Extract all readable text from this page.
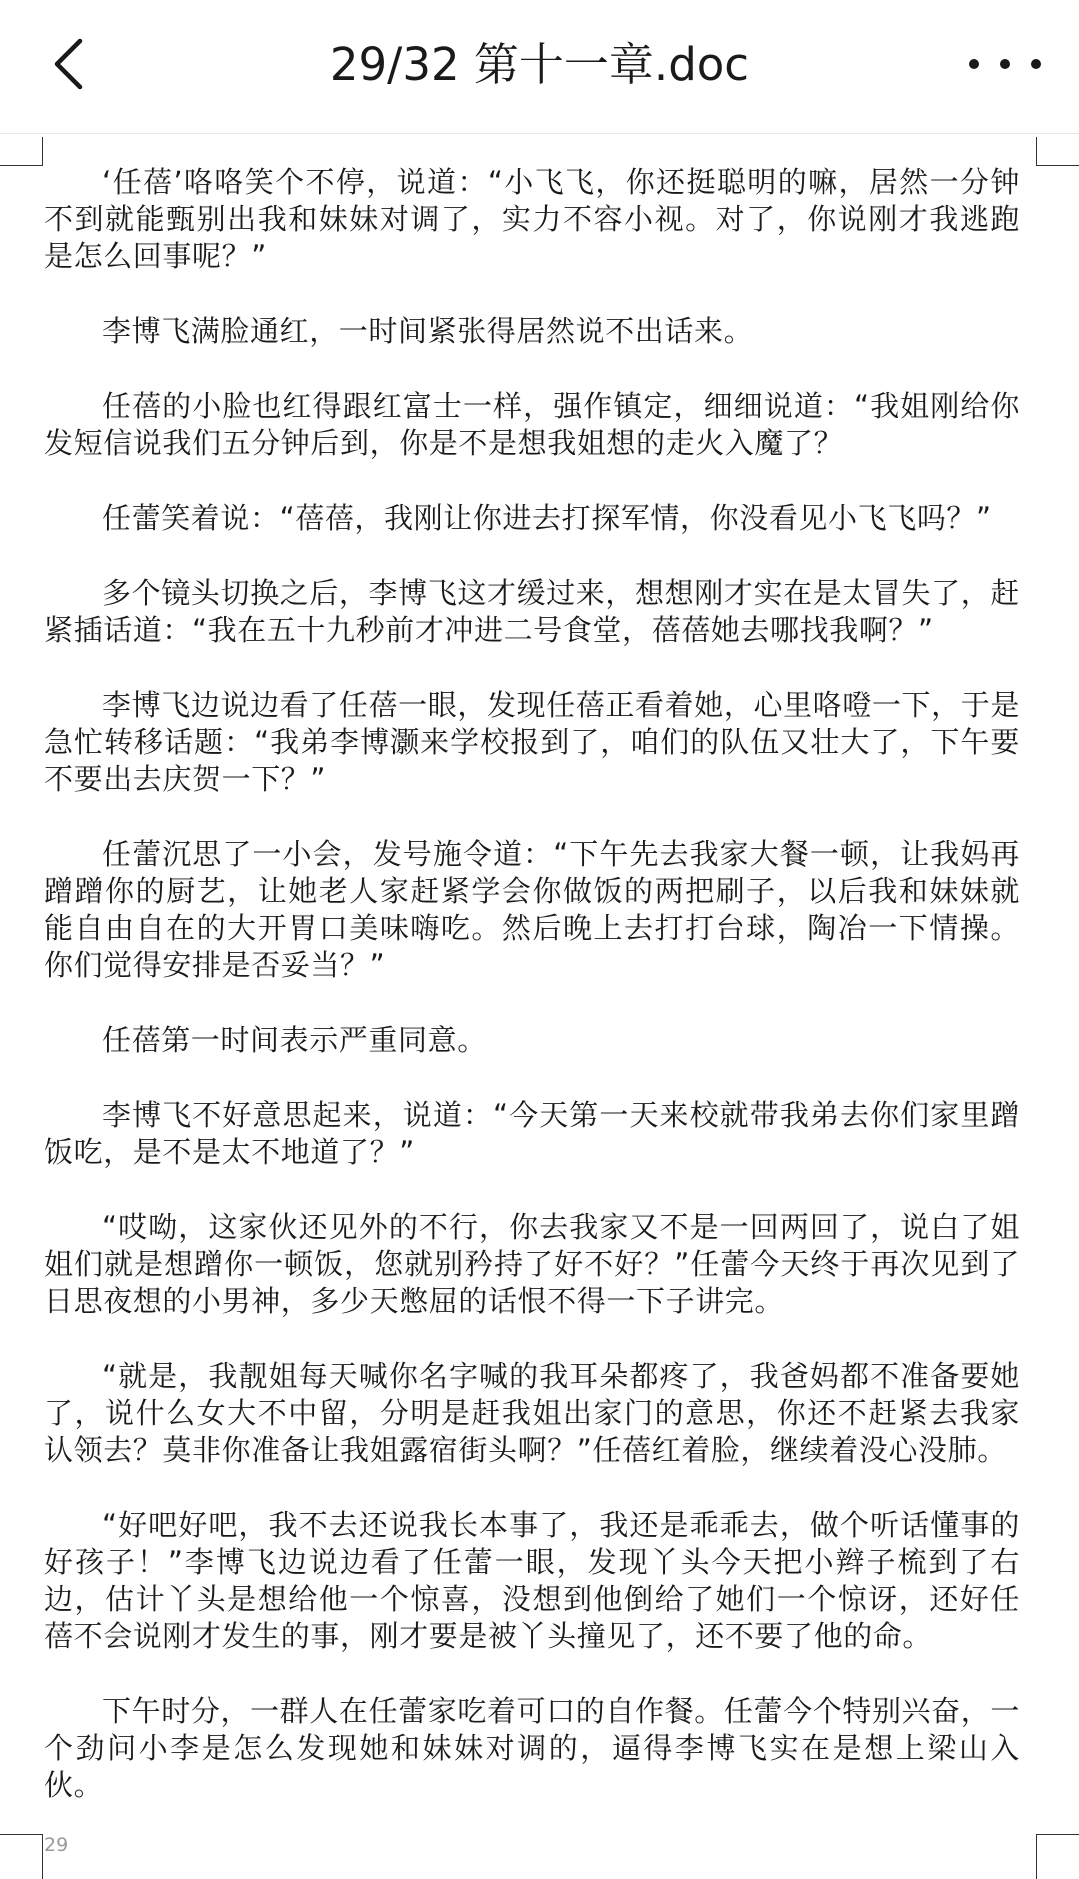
29/32 第十一章.doc

‘任蓓’咯咯笑个不停，说道：“小飞飞，你还挺聪明的嘛，居然一分钟不到就能甄别出我和妹妹对调了，实力不容小视。对了，你说刚才我逃跑是怎么回事呢？”

李博飞满脸通红，一时间紧张得居然说不出话来。

任蓓的小脸也红得跟红富士一样，强作镇定，细细说道：“我姐刚给你发短信说我们五分钟后到，你是不是想我姐想的走火入魔了？

任蕾笑着说：“蓓蓓，我刚让你进去打探军情，你没看见小飞飞吗？”

多个镜头切换之后，李博飞这才缓过来，想想刚才实在是太冒失了，赶紧插话道：“我在五十九秒前才冲进二号食堂，蓓蓓她去哪找我啊？”

李博飞边说边看了任蓓一眼，发现任蓓正看着她，心里咯噔一下，于是急忙转移话题：“我弟李博灏来学校报到了，咱们的队伍又壮大了，下午要不要出去庆贺一下？”

任蕾沉思了一小会，发号施令道：“下午先去我家大餐一顿，让我妈再蹭蹭你的厨艺，让她老人家赶紧学会你做饭的两把刷子，以后我和妹妹就能自由自在的大开胃口美味嗨吃。然后晚上去打打台球，陶冶一下情操。你们觉得安排是否妥当？”

任蓓第一时间表示严重同意。

李博飞不好意思起来，说道：“今天第一天来校就带我弟去你们家里蹭饭吃，是不是太不地道了？”

“哎呦，这家伙还见外的不行，你去我家又不是一回两回了，说白了姐姐们就是想蹭你一顿饭，您就别矜持了好不好？”任蕾今天终于再次见到了日思夜想的小男神，多少天憋屈的话恨不得一下子讲完。

“就是，我靓姐每天喊你名字喊的我耳朵都疼了，我爸妈都不准备要她了，说什么女大不中留，分明是赶我姐出家门的意思，你还不赶紧去我家认领去？莫非你准备让我姐露宿街头啊？”任蓓红着脸，继续着没心没肺。

“好吧好吧，我不去还说我长本事了，我还是乖乖去，做个听话懂事的好孩子！”李博飞边说边看了任蕾一眼，发现丫头今天把小辫子梳到了右边，估计丫头是想给他一个惊喜，没想到他倒给了她们一个惊讶，还好任蓓不会说刚才发生的事，刚才要是被丫头撞见了，还不要了他的命。

下午时分，一群人在任蕾家吃着可口的自作餐。任蕾今个特别兴奋，一个劲问小李是怎么发现她和妹妹对调的，逼得李博飞实在是想上梁山入伙。

29
